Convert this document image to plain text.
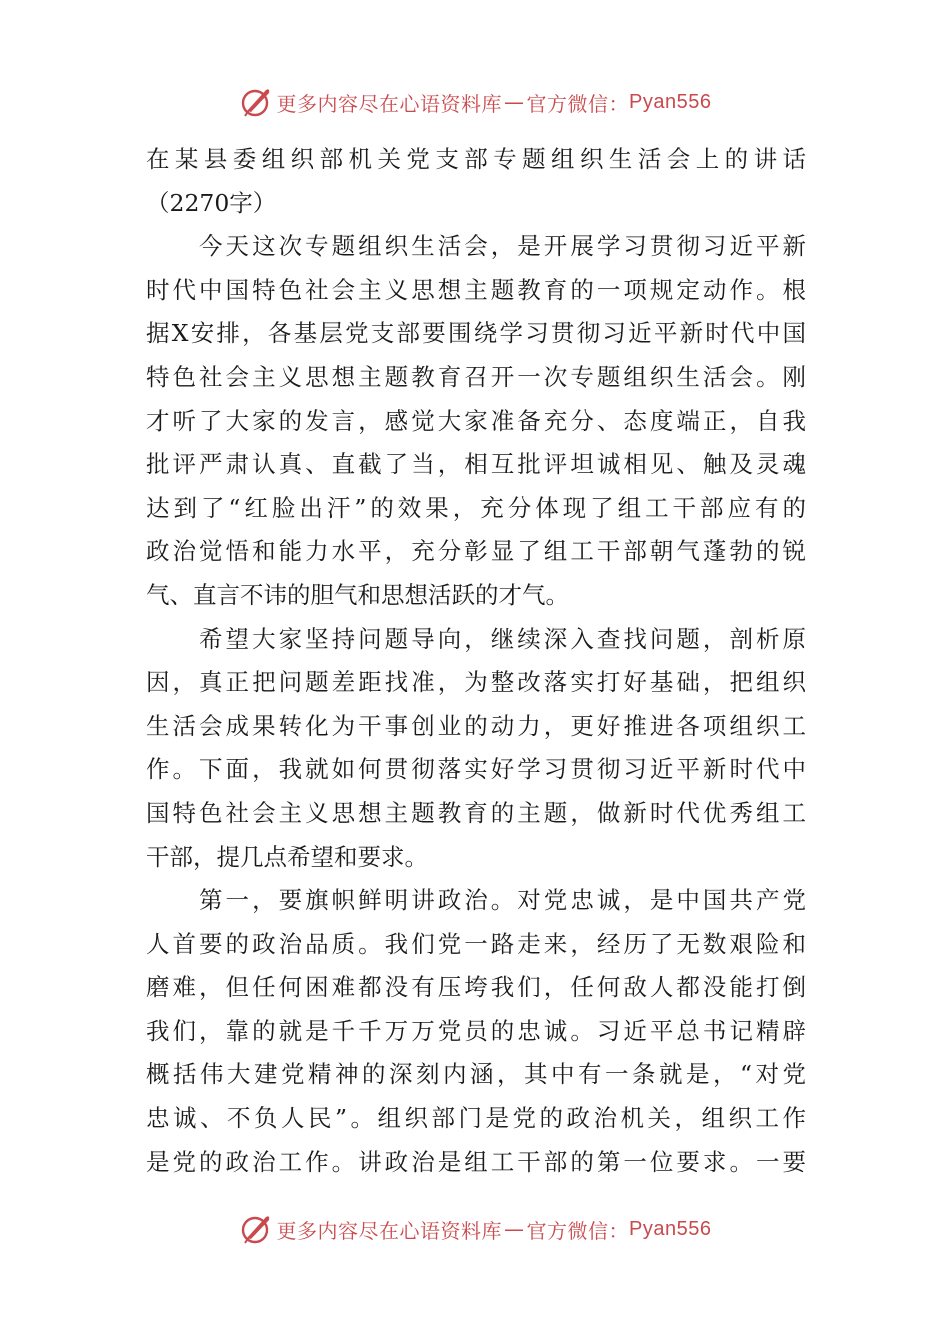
更多内容尽在心语资料库 — 官方微信： Pyan556
在某县委组织部机关党支部专题组织生活会上的讲话
（2270字）
　　今天这次专题组织生活会，是开展学习贯彻习近平新
时代中国特色社会主义思想主题教育的一项规定动作。根
据X安排，各基层党支部要围绕学习贯彻习近平新时代中国
特色社会主义思想主题教育召开一次专题组织生活会。刚
才听了大家的发言，感觉大家准备充分、态度端正，自我
批评严肃认真、直截了当，相互批评坦诚相见、触及灵魂
达到了“红脸出汗”的效果，充分体现了组工干部应有的
政治觉悟和能力水平，充分彰显了组工干部朝气蓬勃的锐
气、直言不讳的胆气和思想活跃的才气。
　　希望大家坚持问题导向，继续深入查找问题，剖析原
因，真正把问题差距找准，为整改落实打好基础，把组织
生活会成果转化为干事创业的动力，更好推进各项组织工
作。下面，我就如何贯彻落实好学习贯彻习近平新时代中
国特色社会主义思想主题教育的主题，做新时代优秀组工
干部，提几点希望和要求。
　　第一，要旗帜鲜明讲政治。对党忠诚，是中国共产党
人首要的政治品质。我们党一路走来，经历了无数艰险和
磨难，但任何困难都没有压垮我们，任何敌人都没能打倒
我们，靠的就是千千万万党员的忠诚。习近平总书记精辟
概括伟大建党精神的深刻内涵，其中有一条就是，“对党
忠诚、不负人民”。组织部门是党的政治机关，组织工作
是党的政治工作。讲政治是组工干部的第一位要求。一要
更多内容尽在心语资料库 — 官方微信： Pyan556
